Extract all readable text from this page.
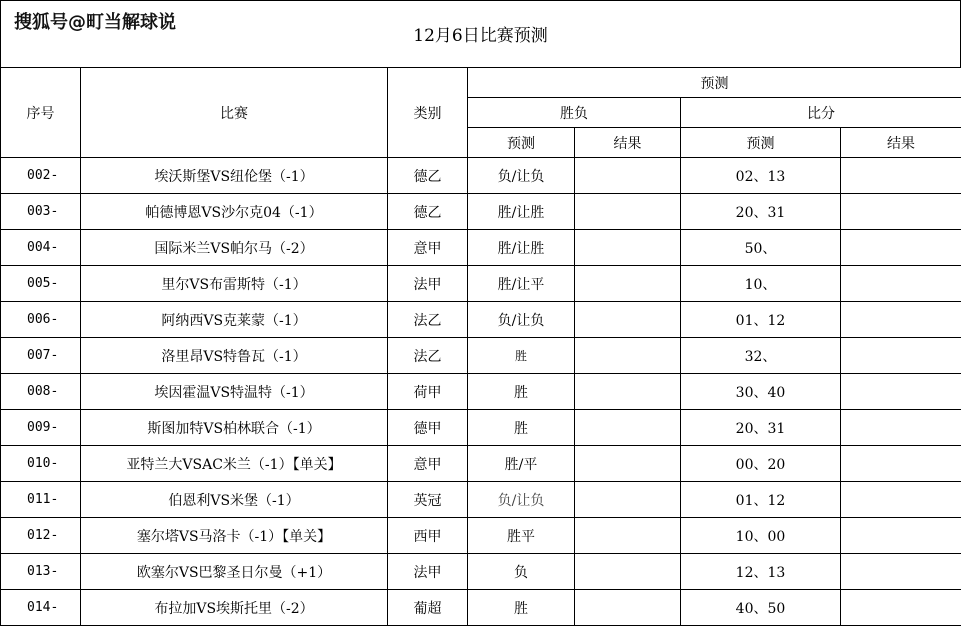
12月6日比赛预测
搜狐号@町当解球说
序号	比赛	类别	预测			
			胜负		比分	
			预测	结果	预测	结果
002-	埃沃斯堡VS纽伦堡（-1）	德乙	负/让负		02、13	
003-	帕德博恩VS沙尔克04（-1）	德乙	胜/让胜		20、31	
004-	国际米兰VS帕尔马（-2）	意甲	胜/让胜		50、	
005-	里尔VS布雷斯特（-1）	法甲	胜/让平		10、	
006-	阿纳西VS克莱蒙（-1）	法乙	负/让负		01、12	
007-	洛里昂VS特鲁瓦（-1）	法乙	胜		32、	
008-	埃因霍温VS特温特（-1）	荷甲	胜		30、40	
009-	斯图加特VS柏林联合（-1）	德甲	胜		20、31	
010-	亚特兰大VSAC米兰（-1）【单关】	意甲	胜/平		00、20	
011-	伯恩利VS米堡（-1）	英冠	负/让负		01、12	
012-	塞尔塔VS马洛卡（-1）【单关】	西甲	胜平		10、00	
013-	欧塞尔VS巴黎圣日尔曼（+1）	法甲	负		12、13	
014-	布拉加VS埃斯托里（-2）	葡超	胜		40、50	
